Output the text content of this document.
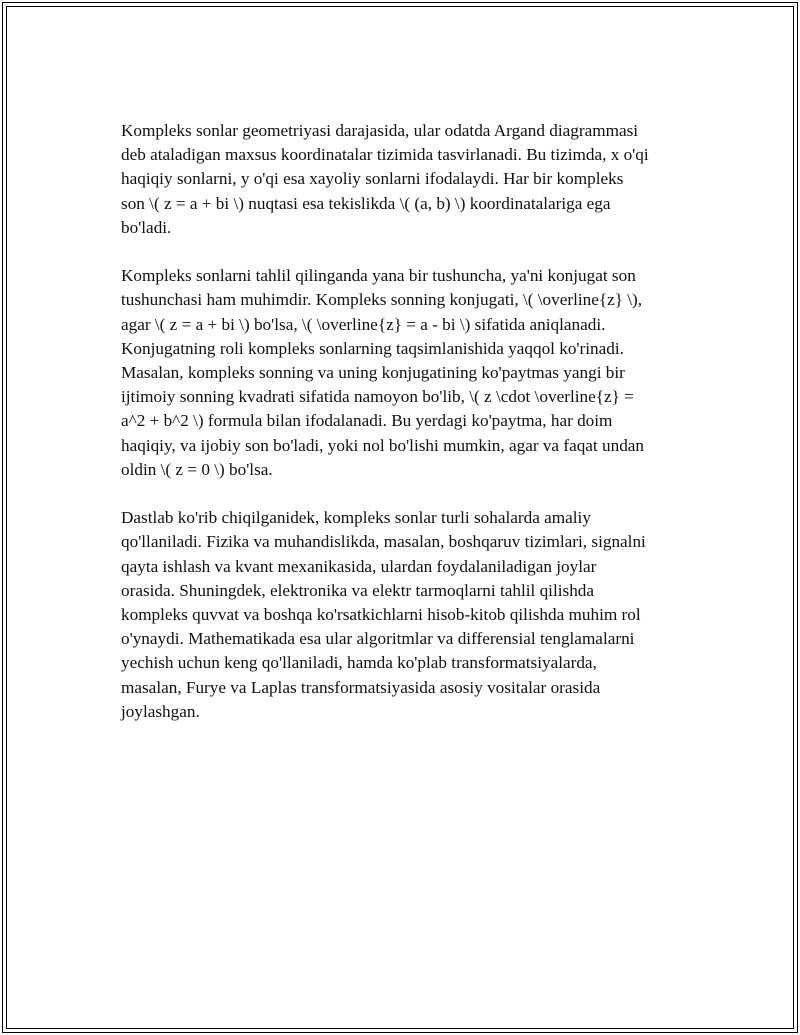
Kompleks sonlar geometriyasi darajasida, ular odatda Argand diagrammasi
deb ataladigan maxsus koordinatalar tizimida tasvirlanadi. Bu tizimda, x o'qi
haqiqiy sonlarni, y o'qi esa xayoliy sonlarni ifodalaydi. Har bir kompleks
son \( z = a + bi \) nuqtasi esa tekislikda \( (a, b) \) koordinatalariga ega
bo'ladi.

Kompleks sonlarni tahlil qilinganda yana bir tushuncha, ya'ni konjugat son
tushunchasi ham muhimdir. Kompleks sonning konjugati, \( \overline{z} \),
agar \( z = a + bi \) bo'lsa, \( \overline{z} = a - bi \) sifatida aniqlanadi.
Konjugatning roli kompleks sonlarning taqsimlanishida yaqqol ko'rinadi.
Masalan, kompleks sonning va uning konjugatining ko'paytmas yangi bir
ijtimoiy sonning kvadrati sifatida namoyon bo'lib, \( z \cdot \overline{z} =
a^2 + b^2 \) formula bilan ifodalanadi. Bu yerdagi ko'paytma, har doim
haqiqiy, va ijobiy son bo'ladi, yoki nol bo'lishi mumkin, agar va faqat undan
oldin \( z = 0 \) bo'lsa.

Dastlab ko'rib chiqilganidek, kompleks sonlar turli sohalarda amaliy
qo'llaniladi. Fizika va muhandislikda, masalan, boshqaruv tizimlari, signalni
qayta ishlash va kvant mexanikasida, ulardan foydalaniladigan joylar
orasida. Shuningdek, elektronika va elektr tarmoqlarni tahlil qilishda
kompleks quvvat va boshqa ko'rsatkichlarni hisob-kitob qilishda muhim rol
o'ynaydi. Mathematikada esa ular algoritmlar va differensial tenglamalarni
yechish uchun keng qo'llaniladi, hamda ko'plab transformatsiyalarda,
masalan, Furye va Laplas transformatsiyasida asosiy vositalar orasida
joylashgan.
